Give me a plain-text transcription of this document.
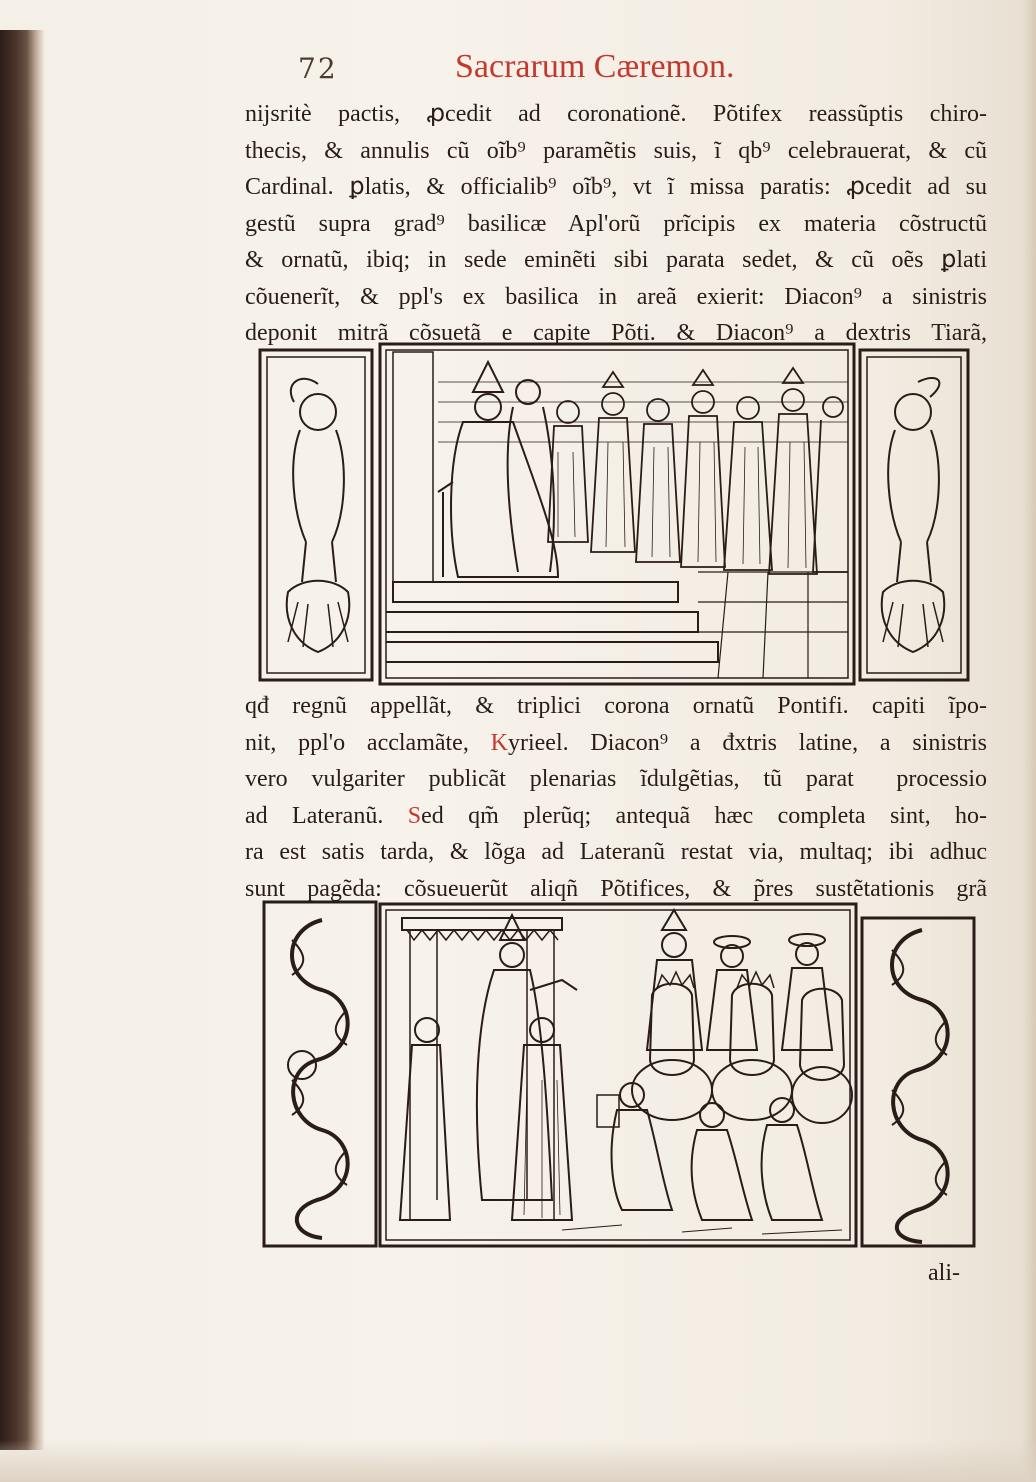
72	Sacrarum Cæremon.
nijsritè pactis, ꝓcedit ad coronationẽ. Põtifex reassũptis chiro-
thecis, & annulis cũ oĩb⁹ paramẽtis suis, ĩ qb⁹ celebrauerat, & cũ
Cardinal. ꝑlatis, & officialib⁹ oĩb⁹, vt ĩ missa paratis: ꝓcedit ad su
gestũ supra grad⁹ basilicæ Apl'orũ prĩcipis ex materia cõstructũ
& ornatũ, ibiq; in sede eminẽti sibi parata sedet, & cũ oẽs ꝑlati
cõuenerĩt, & ppl's ex basilica in areã exierit: Diacon⁹ a sinistris
deponit mitrã cõsuetã e capite Põti. & Diacon⁹ a dextris Tiarã,
qđ regnũ appellãt, & triplici corona ornatũ Pontifi. capiti ĩpo-
nit, ppl'o acclamãte, Kyrieel. Diacon⁹ a đxtris latine, a sinistris
vero vulgariter publicãt plenarias ĩdulgẽtias, tũ paratᷓ processio
ad Lateranũ. Sed qm̃ plerũq; antequã hæc completa sint, ho-
ra est satis tarda, & lõga ad Lateranũ restat via, multaq; ibi adhuc
sunt pagẽda: cõsueuerũt aliqñ Põtifices, & p̃res sustẽtationis grã
ali-
